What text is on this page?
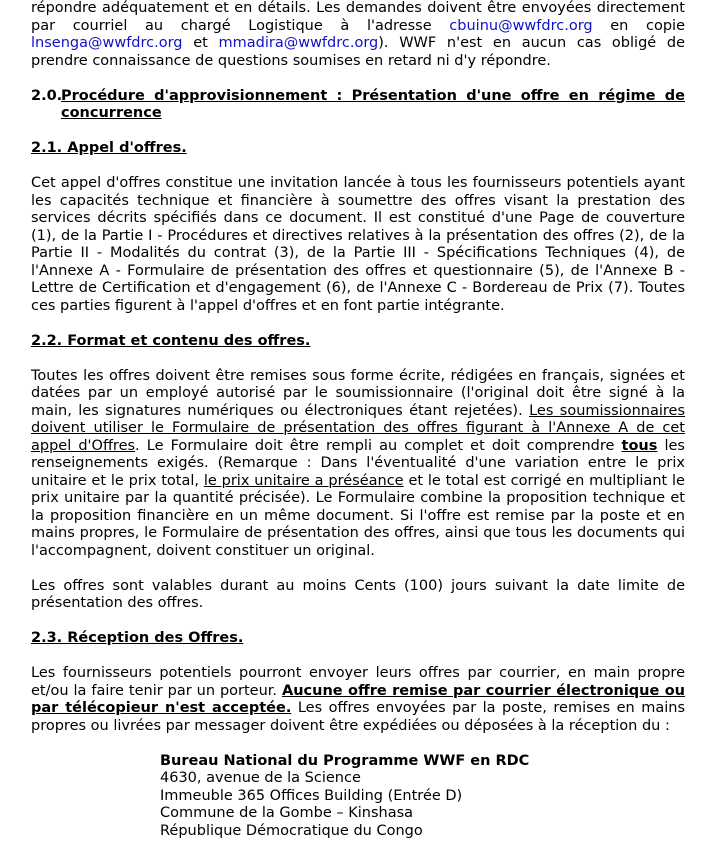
répondre adéquatement et en détails. Les demandes doivent être envoyées directement par courriel au chargé Logistique à l'adresse cbuinu@wwfdrc.org en copie lnsenga@wwfdrc.org et mmadira@wwfdrc.org). WWF n'est en aucun cas obligé de prendre connaissance de questions soumises en retard ni d'y répondre.

2.0.
Procédure d'approvisionnement : Présentation d'une offre en régime de concurrence

2.1. Appel d'offres.

Cet appel d'offres constitue une invitation lancée à tous les fournisseurs potentiels ayant les capacités technique et financière à soumettre des offres visant la prestation des services décrits spécifiés dans ce document. Il est constitué d'une Page de couverture (1), de la Partie I - Procédures et directives relatives à la présentation des offres (2), de la Partie II - Modalités du contrat (3), de la Partie III - Spécifications Techniques (4), de l'Annexe A - Formulaire de présentation des offres et questionnaire (5), de l'Annexe B - Lettre de Certification et d'engagement (6), de l'Annexe C - Bordereau de Prix (7). Toutes ces parties figurent à l'appel d'offres et en font partie intégrante.

2.2. Format et contenu des offres.

Toutes les offres doivent être remises sous forme écrite, rédigées en français, signées et datées par un employé autorisé par le soumissionnaire (l'original doit être signé à la main, les signatures numériques ou électroniques étant rejetées). Les soumissionnaires doivent utiliser le Formulaire de présentation des offres figurant à l'Annexe A de cet appel d'Offres. Le Formulaire doit être rempli au complet et doit comprendre tous les renseignements exigés. (Remarque : Dans l'éventualité d'une variation entre le prix unitaire et le prix total, le prix unitaire a préséance et le total est corrigé en multipliant le prix unitaire par la quantité précisée). Le Formulaire combine la proposition technique et la proposition financière en un même document. Si l'offre est remise par la poste et en mains propres, le Formulaire de présentation des offres, ainsi que tous les documents qui l'accompagnent, doivent constituer un original.

Les offres sont valables durant au moins Cents (100) jours suivant la date limite de présentation des offres.

2.3. Réception des Offres.

Les fournisseurs potentiels pourront envoyer leurs offres par courrier, en main propre et/ou la faire tenir par un porteur. Aucune offre remise par courrier électronique ou par télécopieur n'est acceptée. Les offres envoyées par la poste, remises en mains propres ou livrées par messager doivent être expédiées ou déposées à la réception du :

Bureau National du Programme WWF en RDC
4630, avenue de la Science
Immeuble 365 Offices Building (Entrée D)
Commune de la Gombe – Kinshasa
République Démocratique du Congo
